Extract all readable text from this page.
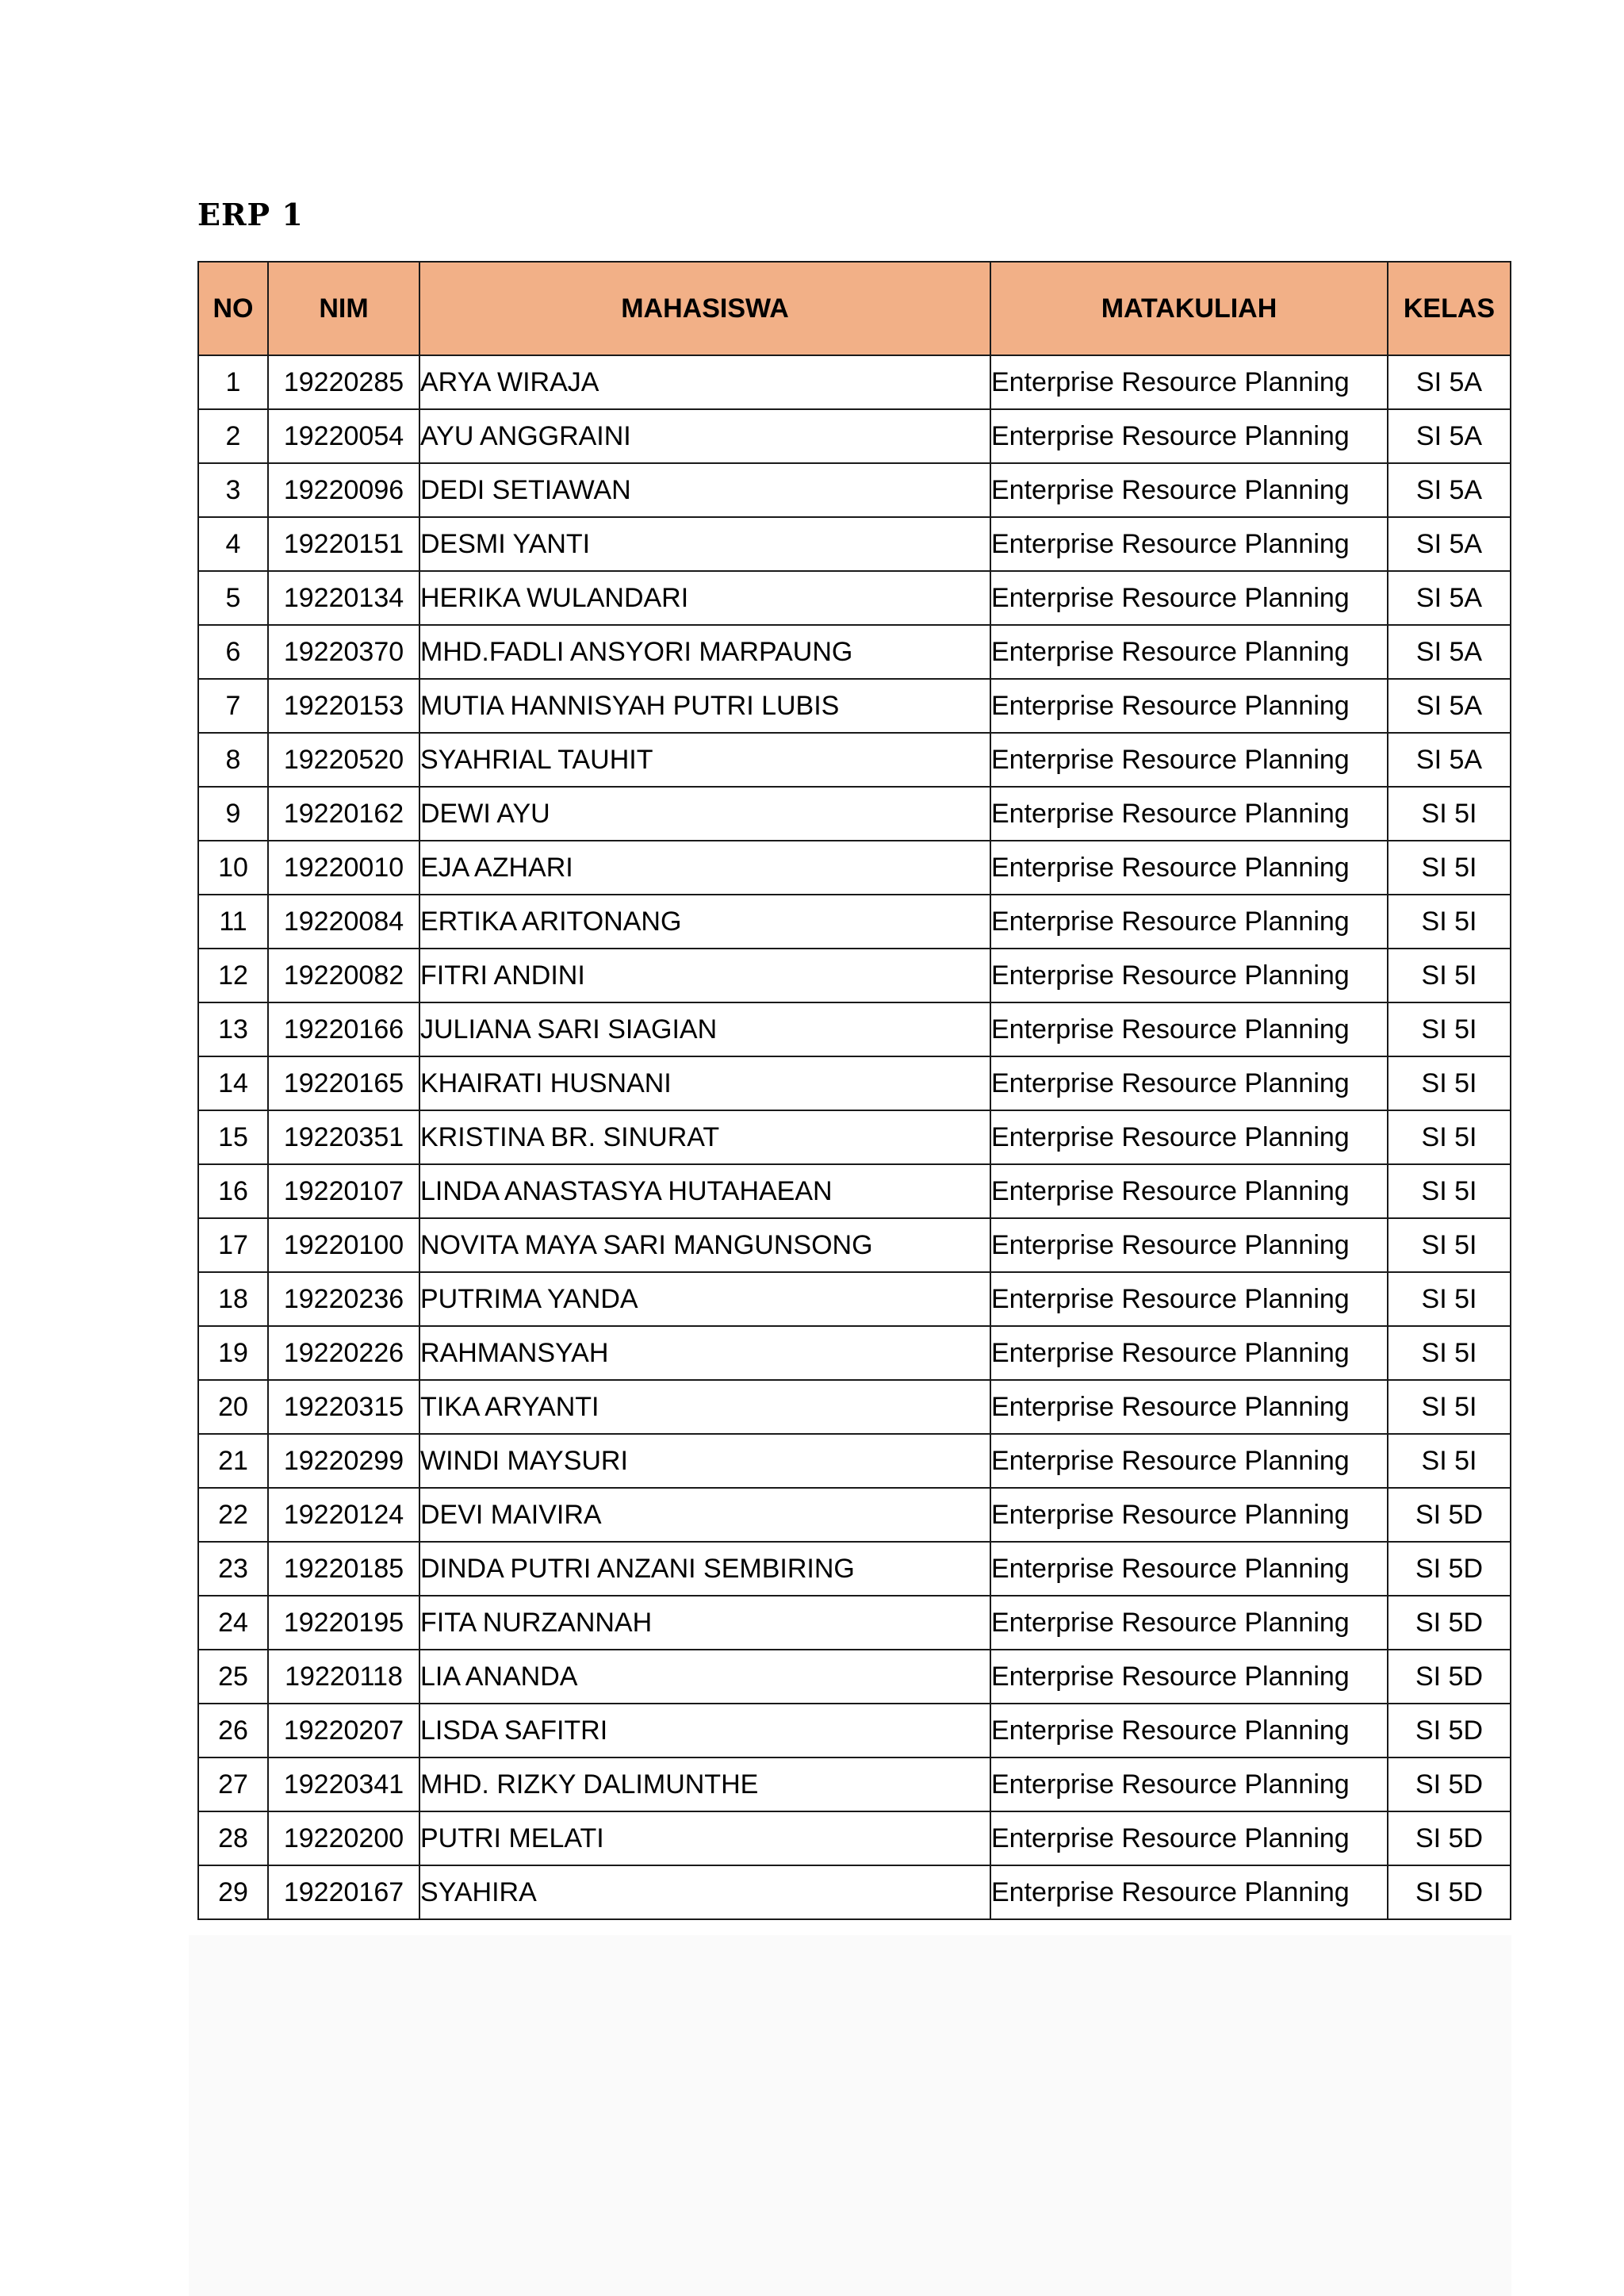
ERP 1
NO	NIM	MAHASISWA	MATAKULIAH	KELAS
1	19220285	ARYA WIRAJA	Enterprise Resource Planning	SI 5A
2	19220054	AYU ANGGRAINI	Enterprise Resource Planning	SI 5A
3	19220096	DEDI SETIAWAN	Enterprise Resource Planning	SI 5A
4	19220151	DESMI YANTI	Enterprise Resource Planning	SI 5A
5	19220134	HERIKA WULANDARI	Enterprise Resource Planning	SI 5A
6	19220370	MHD.FADLI ANSYORI MARPAUNG	Enterprise Resource Planning	SI 5A
7	19220153	MUTIA HANNISYAH PUTRI LUBIS	Enterprise Resource Planning	SI 5A
8	19220520	SYAHRIAL TAUHIT	Enterprise Resource Planning	SI 5A
9	19220162	DEWI AYU	Enterprise Resource Planning	SI 5I
10	19220010	EJA AZHARI	Enterprise Resource Planning	SI 5I
11	19220084	ERTIKA ARITONANG	Enterprise Resource Planning	SI 5I
12	19220082	FITRI ANDINI	Enterprise Resource Planning	SI 5I
13	19220166	JULIANA SARI SIAGIAN	Enterprise Resource Planning	SI 5I
14	19220165	KHAIRATI HUSNANI	Enterprise Resource Planning	SI 5I
15	19220351	KRISTINA BR. SINURAT	Enterprise Resource Planning	SI 5I
16	19220107	LINDA ANASTASYA HUTAHAEAN	Enterprise Resource Planning	SI 5I
17	19220100	NOVITA MAYA SARI MANGUNSONG	Enterprise Resource Planning	SI 5I
18	19220236	PUTRIMA YANDA	Enterprise Resource Planning	SI 5I
19	19220226	RAHMANSYAH	Enterprise Resource Planning	SI 5I
20	19220315	TIKA ARYANTI	Enterprise Resource Planning	SI 5I
21	19220299	WINDI MAYSURI	Enterprise Resource Planning	SI 5I
22	19220124	DEVI MAIVIRA	Enterprise Resource Planning	SI 5D
23	19220185	DINDA PUTRI ANZANI SEMBIRING	Enterprise Resource Planning	SI 5D
24	19220195	FITA NURZANNAH	Enterprise Resource Planning	SI 5D
25	19220118	LIA ANANDA	Enterprise Resource Planning	SI 5D
26	19220207	LISDA SAFITRI	Enterprise Resource Planning	SI 5D
27	19220341	MHD. RIZKY DALIMUNTHE	Enterprise Resource Planning	SI 5D
28	19220200	PUTRI MELATI	Enterprise Resource Planning	SI 5D
29	19220167	SYAHIRA	Enterprise Resource Planning	SI 5D
